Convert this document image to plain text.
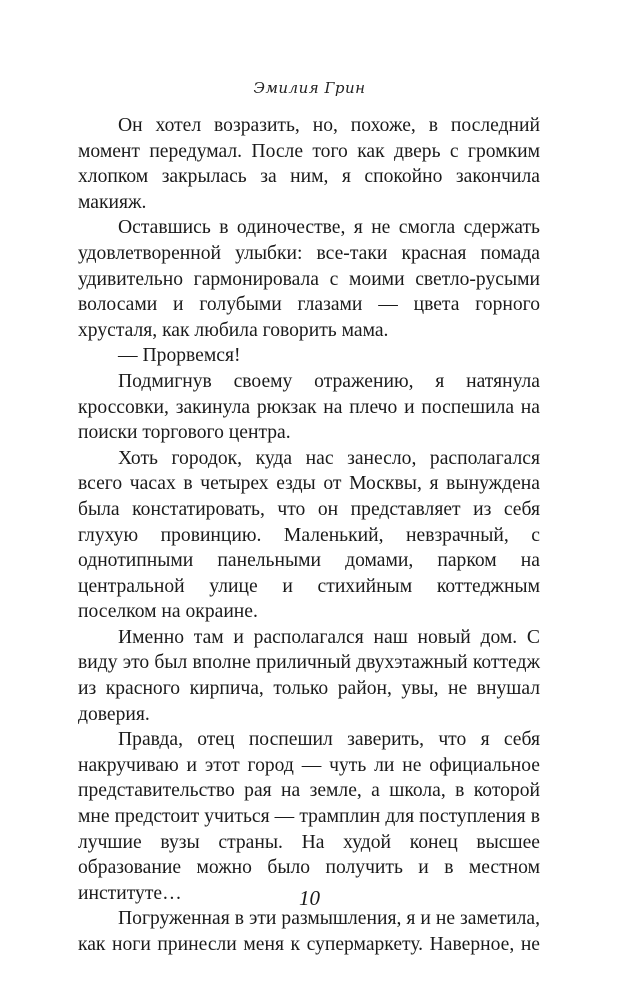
Эмилия Грин

Он хотел возразить, но, похоже, в последний момент передумал. После того как дверь с громким хлопком закрылась за ним, я спокойно закончила макияж.

Оставшись в одиночестве, я не смогла сдержать удовлетворенной улыбки: все-таки красная помада удивительно гармонировала с моими светло-русыми волосами и голубыми глазами — цвета горного хрусталя, как любила говорить мама.

— Прорвемся!

Подмигнув своему отражению, я натянула кроссовки, закинула рюкзак на плечо и поспешила на поиски торгового центра.

Хоть городок, куда нас занесло, располагался всего часах в четырех езды от Москвы, я вынуждена была констатировать, что он представляет из себя глухую провинцию. Маленький, невзрачный, с однотипными панельными домами, парком на центральной улице и стихийным коттеджным поселком на окраине.

Именно там и располагался наш новый дом. С виду это был вполне приличный двухэтажный коттедж из красного кирпича, только район, увы, не внушал доверия.

Правда, отец поспешил заверить, что я себя накручиваю и этот город — чуть ли не официальное представительство рая на земле, а школа, в которой мне предстоит учиться — трамплин для поступления в лучшие вузы страны. На худой конец высшее образование можно было получить и в местном институте…

Погруженная в эти размышления, я и не заметила, как ноги принесли меня к супермаркету. Наверное, не

10
